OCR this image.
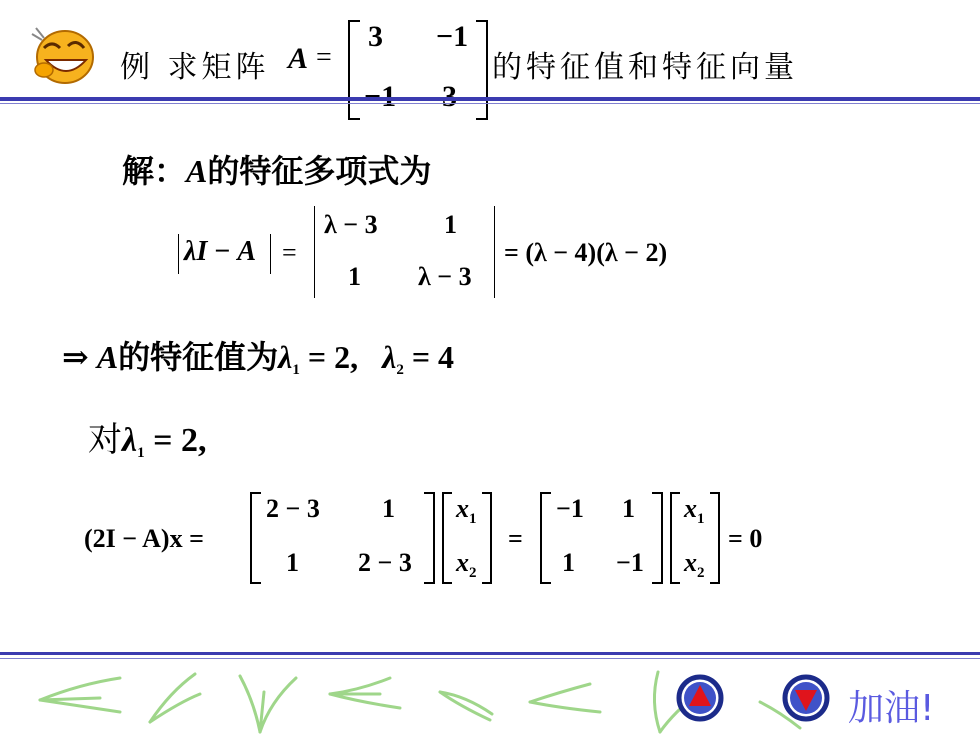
例 求矩阵 A =
3 −1
的特征值和特征向量
解：A的特征多项式为
λI − A =
λ − 3	1
1 λ − 3
= (λ − 4)(λ − 2)
⇒ A的特征值为$\lambda_1 = 2$, $\lambda_2 = 4$
对$\lambda_1 = 2$,
(2I − A)x =
2 − 3 1
1 2 − 3
$x_1$
$x_2$
=
−1 1
1 −1
$x_1$
$x_2$
= 0
加油!
